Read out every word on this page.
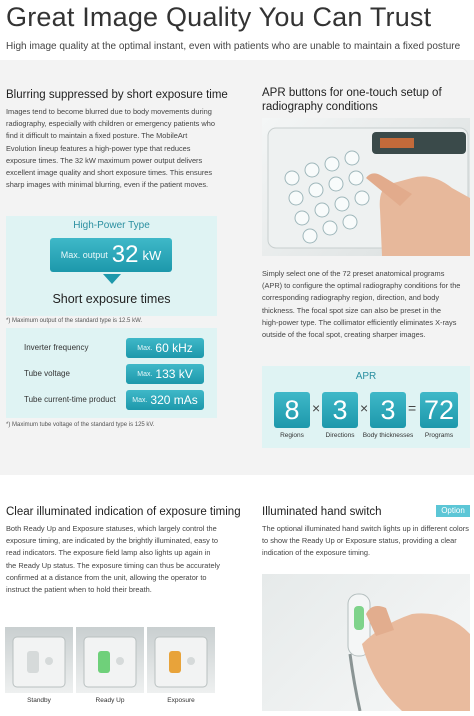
Great Image Quality You Can Trust
High image quality at the optimal instant, even with patients who are unable to maintain a fixed posture
Blurring suppressed by short exposure time
Images tend to become blurred due to body movements during
radiography, especially with children or emergency patients who
find it difficult to maintain a fixed posture. The MobileArt
Evolution lineup features a high-power type that reduces
exposure times. The 32 kW maximum power output delivers
excellent image quality and short exposure times. This ensures
sharp images with minimal blurring, even if the patient moves.
High-Power Type
Max. output 32 kW
Short exposure times
*) Maximum output of the standard type is 12.5 kW.
Inverter frequency	Max. 60 kHz
Tube voltage	Max. 133 kV
Tube current-time product Max. 320 mAs
*) Maximum tube voltage of the standard type is 125 kV.
APR buttons for one-touch setup of
radiography conditions
Simply select one of the 72 preset anatomical programs
(APR) to configure the optimal radiography conditions for the
corresponding radiography region, direction, and body
thickness. The focal spot size can also be preset in the
high-power type. The collimator efficiently eliminates X-rays
outside of the focal spot, creating sharper images.
APR
8 × 3 × 3 = 72
Regions	Directions	Body thicknesses	Programs
Clear illuminated indication of exposure timing
Both Ready Up and Exposure statuses, which largely control the
exposure timing, are indicated by the brightly illuminated, easy to
read indicators. The exposure field lamp also lights up again in
the Ready Up status. The exposure timing can thus be accurately
confirmed at a distance from the unit, allowing the operator to
instruct the patient when to hold their breath.
Standby	Ready Up	Exposure
Illuminated hand switch	Option
The optional illuminated hand switch lights up in different colors
to show the Ready Up or Exposure status, providing a clear
indication of the exposure timing.
